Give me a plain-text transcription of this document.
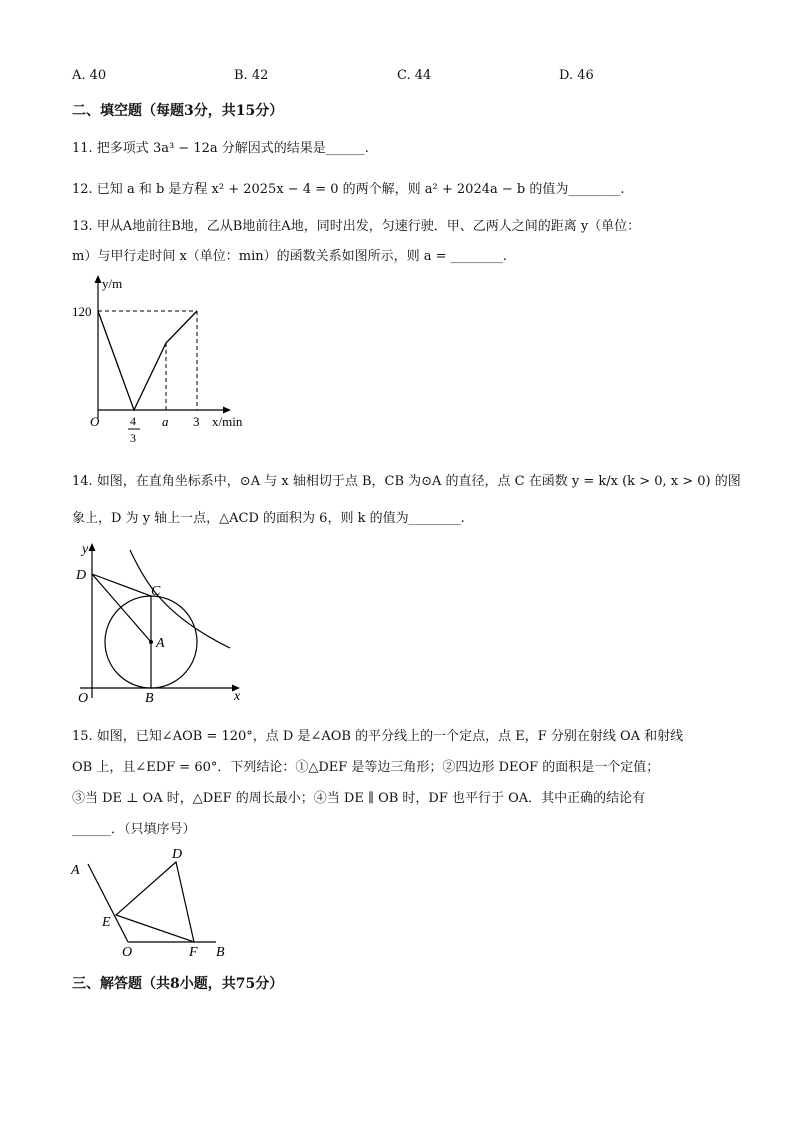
A. 40	B. 42	C. 44	D. 46
二、填空题（每题3分，共15分）
11. 把多项式 3a³ − 12a 分解因式的结果是______.
12. 已知 a 和 b 是方程 x² + 2025x − 4 = 0 的两个解，则 a² + 2024a − b 的值为________.
13. 甲从A地前往B地，乙从B地前往A地，同时出发，匀速行驶．甲、乙两人之间的距离 y（单位：
m）与甲行走时间 x（单位：min）的函数关系如图所示，则 a = ________.
y/m
120
O	4
3
a 3 x/min
14. 如图，在直角坐标系中，⊙A 与 x 轴相切于点 B，CB 为⊙A 的直径，点 C 在函数 y = k/x (k > 0, x > 0) 的图
象上，D 为 y 轴上一点，△ACD 的面积为 6，则 k 的值为________.
y
D
C
A
O	B	x
15. 如图，已知∠AOB = 120°，点 D 是∠AOB 的平分线上的一个定点，点 E，F 分别在射线 OA 和射线
OB 上，且∠EDF = 60°．下列结论：①△DEF 是等边三角形；②四边形 DEOF 的面积是一个定值；
③当 DE ⊥ OA 时，△DEF 的周长最小；④当 DE ∥ OB 时，DF 也平行于 OA．其中正确的结论有
______．（只填序号）
A
D
E
O	F B
三、解答题（共8小题，共75分）
